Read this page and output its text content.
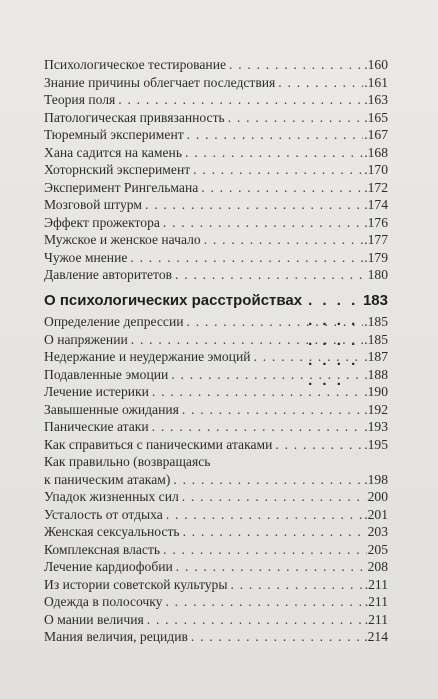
Психологическое тестирование . . .	.160
Знание причины облегчает последствия . . .	.161
Теория поля . . .	.163
Патологическая привязанность . . .	.165
Тюремный эксперимент . . .	.167
Хана садится на камень . . .	.168
Хоторнский эксперимент . . .	.170
Эксперимент Рингельмана . . .	.172
Мозговой штурм . . .	.174
Эффект прожектора . . .	.176
Мужское и женское начало . . .	.177
Чужое мнение . . .	.179
Давление авторитетов . . .	180
О психологических расстройствах . . .	183
Определение депрессии . . .	.185
О напряжении . . .	.185
Недержание и неудержание эмоций . . .	.187
Подавленные эмоции . . .	188
Лечение истерики . . .	.190
Завышенные ожидания . . .	.192
Панические атаки . . .	.193
Как справиться с паническими атаками . . .	.195
Как правильно (возвращаясь
к паническим атакам) . . .	.198
Упадок жизненных сил . . .	200
Усталость от отдыха . . .	.201
Женская сексуальность . . .	203
Комплексная власть . . .	205
Лечение кардиофобии . . .	208
Из истории советской культуры . . .	.211
Одежда в полосочку . . .	.211
О мании величия . . .	.211
Мания величия, рецидив . . .	.214
